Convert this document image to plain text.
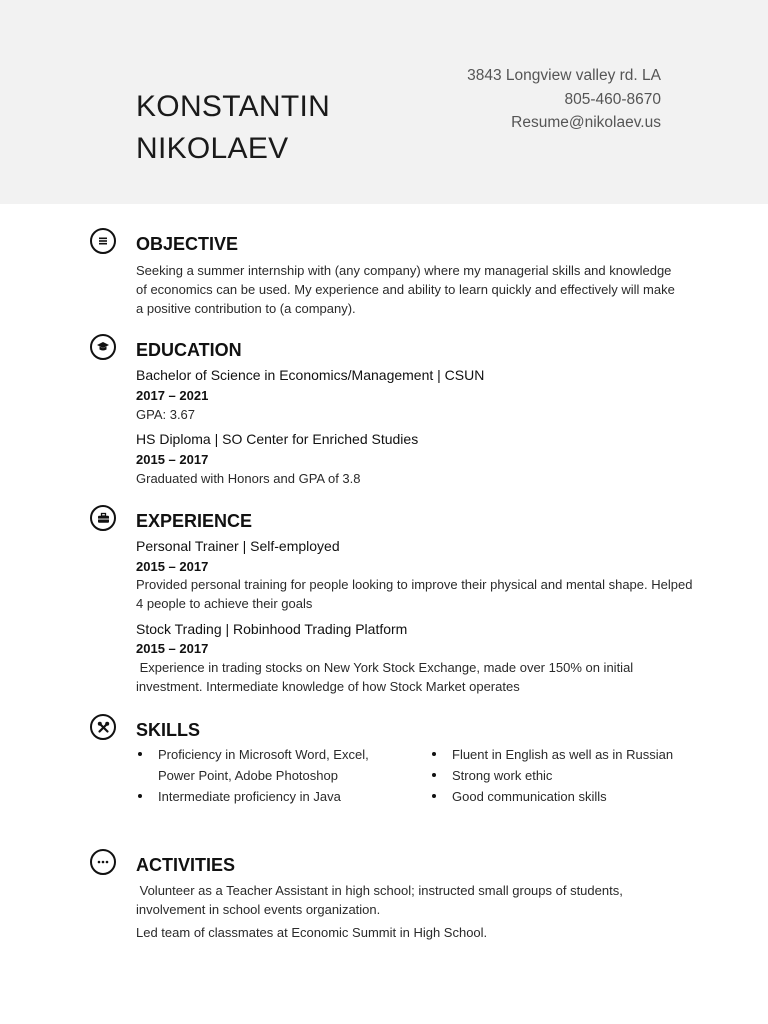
KONSTANTIN
NIKOLAEV
3843 Longview valley rd. LA
805-460-8670
Resume@nikolaev.us
OBJECTIVE
Seeking a summer internship with (any company) where my managerial skills and knowledge of economics can be used. My experience and ability to learn quickly and effectively will make a positive contribution to (a company).
EDUCATION
Bachelor of Science in Economics/Management | CSUN
2017 – 2021
GPA: 3.67
HS Diploma | SO Center for Enriched Studies
2015 – 2017
Graduated with Honors and GPA of 3.8
EXPERIENCE
Personal Trainer | Self-employed
2015 – 2017
Provided personal training for people looking to improve their physical and mental shape. Helped 4 people to achieve their goals
Stock Trading | Robinhood Trading Platform
2015 – 2017
Experience in trading stocks on New York Stock Exchange, made over 150% on initial investment. Intermediate knowledge of how Stock Market operates
SKILLS
Proficiency in Microsoft Word, Excel, Power Point, Adobe Photoshop
Intermediate proficiency in Java
Fluent in English as well as in Russian
Strong work ethic
Good communication skills
ACTIVITIES
Volunteer as a Teacher Assistant in high school; instructed small groups of students, involvement in school events organization.
Led team of classmates at Economic Summit in High School.
